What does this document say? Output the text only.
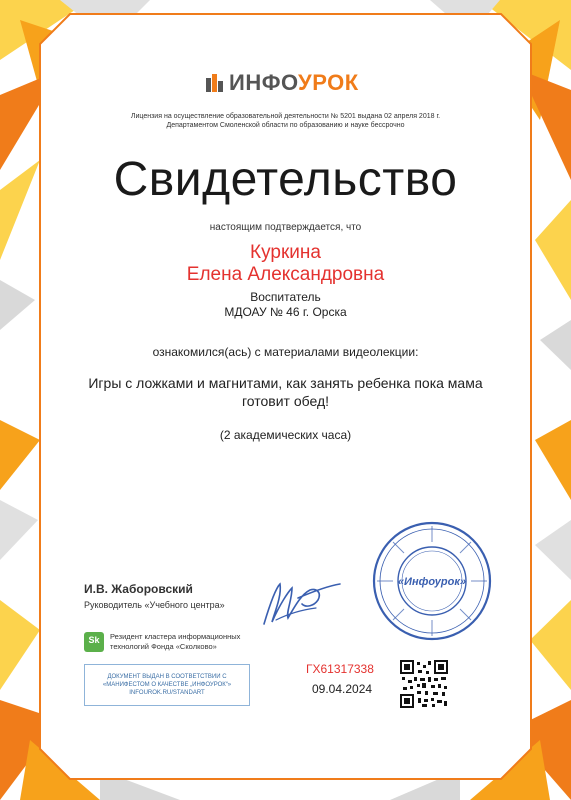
ИНФОУРОК
Лицензия на осуществление образовательной деятельности № 5201 выдана 02 апреля 2018 г.
Департаментом Смоленской области по образованию и науке бессрочно
Свидетельство
настоящим подтверждается, что
Куркина
Елена Александровна
Воспитатель
МДОАУ № 46 г. Орска
ознакомился(ась) с материалами видеолекции:
Игры с ложками и магнитами, как занять ребенка пока мама готовит обед!
(2 академических часа)
И.В. Жаборовский
Руководитель «Учебного центра»
«Инфоурок»
Sk	Резидент кластера информационных технологий Фонда «Сколково»
ДОКУМЕНТ ВЫДАН В СООТВЕТСТВИИ С
«МАНИФЕСТОМ О КАЧЕСТВЕ „ИНФОУРОК“»
INFOUROK.RU/STANDART
ГХ61317338
09.04.2024
